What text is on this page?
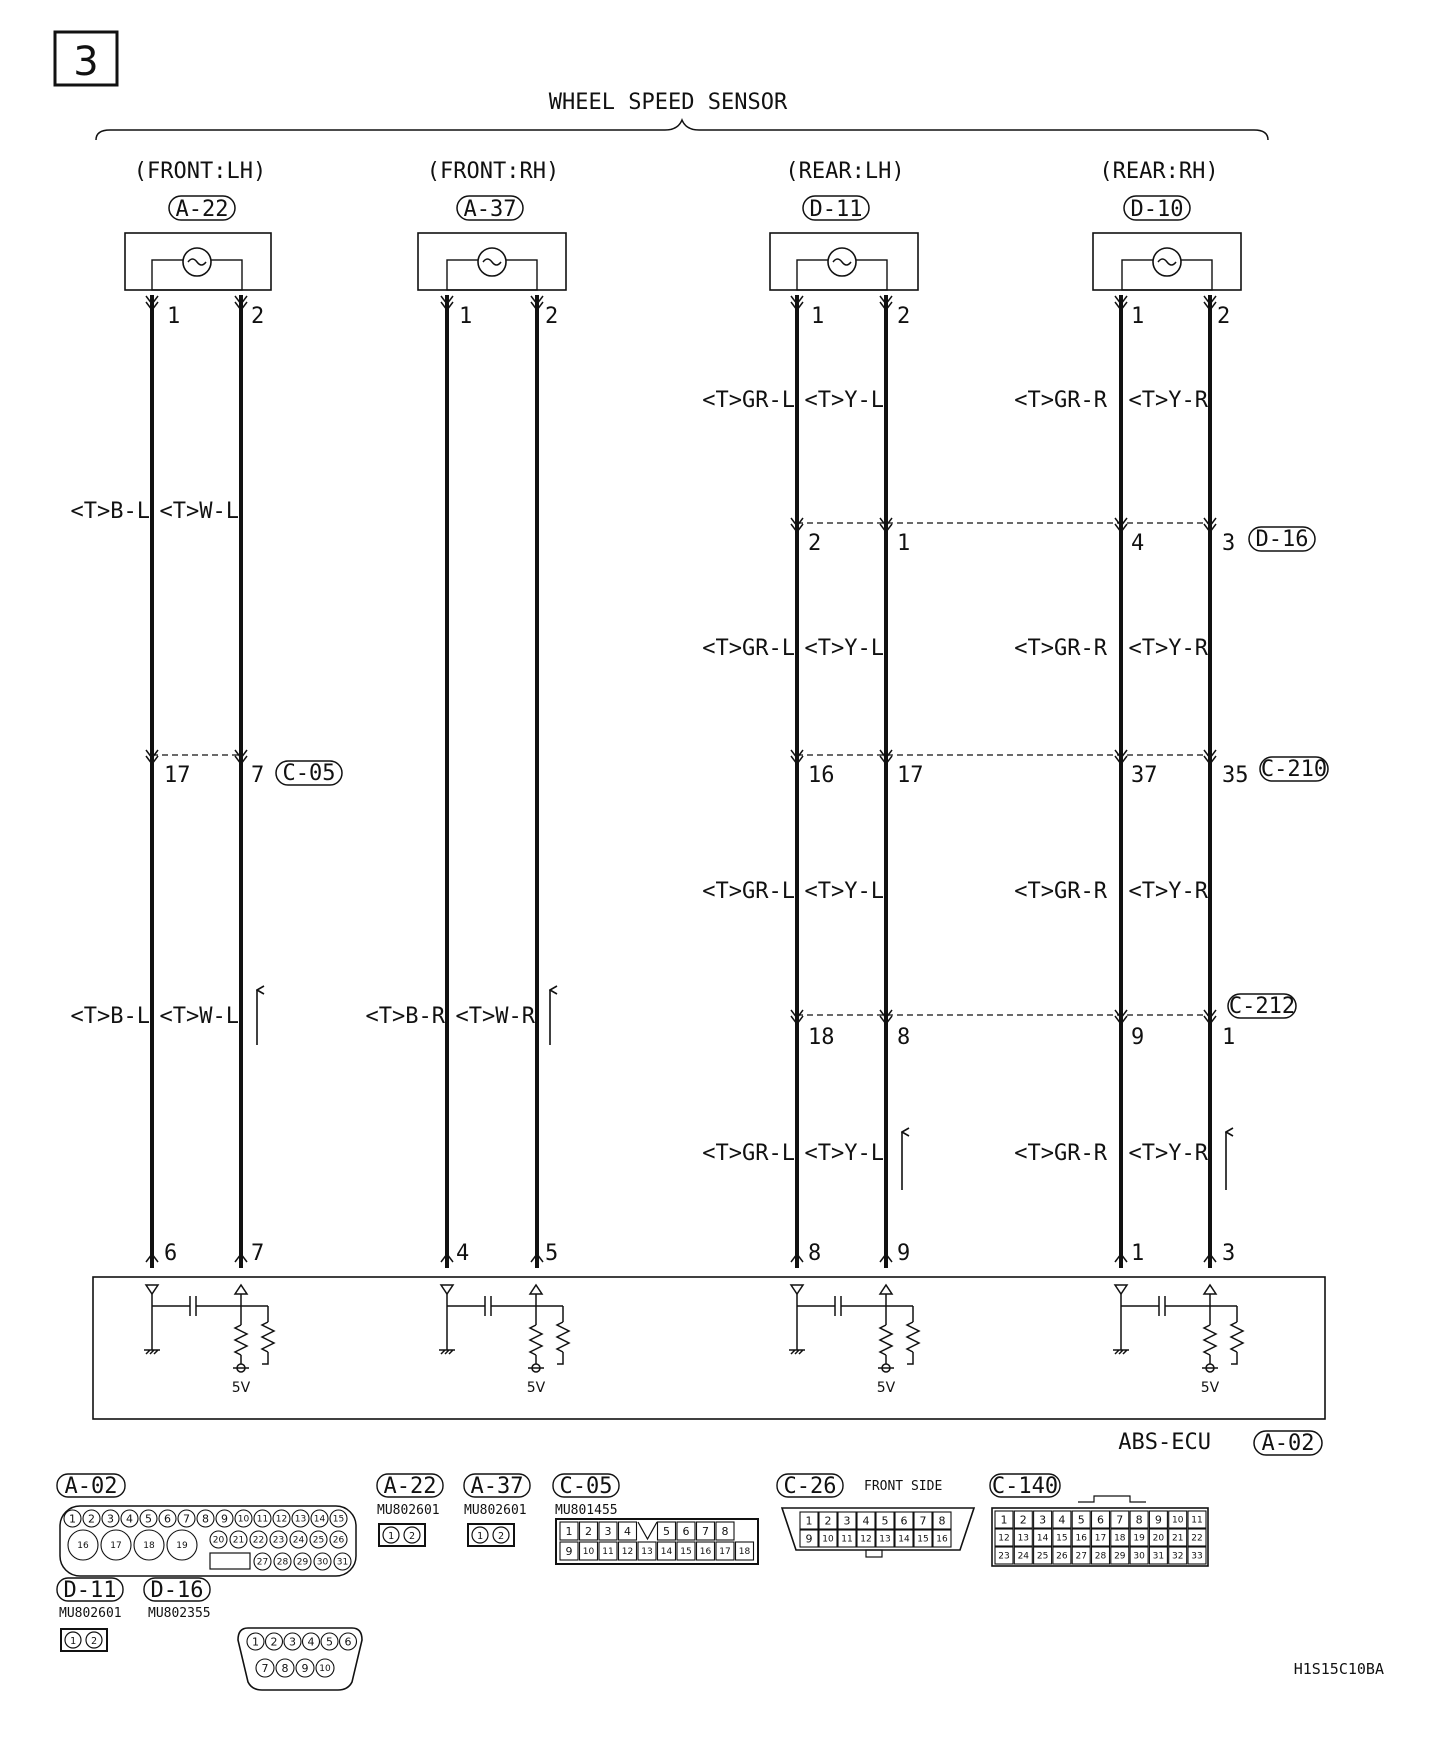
3
WHEEL SPEED SENSOR
(FRONT:LH)
A-22
1	2
(FRONT:RH)
A-37
1	2
(REAR:LH)
D-11
1	2
(REAR:RH)
D-10
1	2
<T>B-L <T>W-L
<T>B-L <T>W-L	<T>B-R <T>W-R
<T>GR-L <T>Y-L
<T>GR-L <T>Y-L
<T>GR-L <T>Y-L
<T>GR-L <T>Y-L
<T>GR-R <T>Y-R
<T>GR-R <T>Y-R
<T>GR-R <T>Y-R
<T>GR-R <T>Y-R
2	1	4	3 D-16
17	7 C-05	16	17	37	35 C-210
18	8	9	1
C-212
6	7	4	5	8	9	1	3
5V	5V	5V	5V
ABS-ECU A-02
A-02
1 2 3 4 5 6 7 8 9 10 11 12 13 14 15
16 17 18 19
20 21 22 23 24 25 26
27 28 29 30 31
A-22
MU802601
1 2
A-37
MU802601
1 2
C-05
MU801455
1 2 3 4	5 6 7 8
9 10 11 12 13 14 15 16 17 18
C-26 FRONT SIDE
1 2 3 4 5 6 7 8
9 10 11 12 13 14 15 16
C-140
1 2 3 4 5 6 7 8 9 10 11
12 13 14 15 16 17 18 19 20 21 22
23 24 25 26 27 28 29 30 31 32 33
D-11
MU802601
1 2
D-16
MU802355
1 2 3 4 5 6
7 8 9 10	H1S15C10BA
